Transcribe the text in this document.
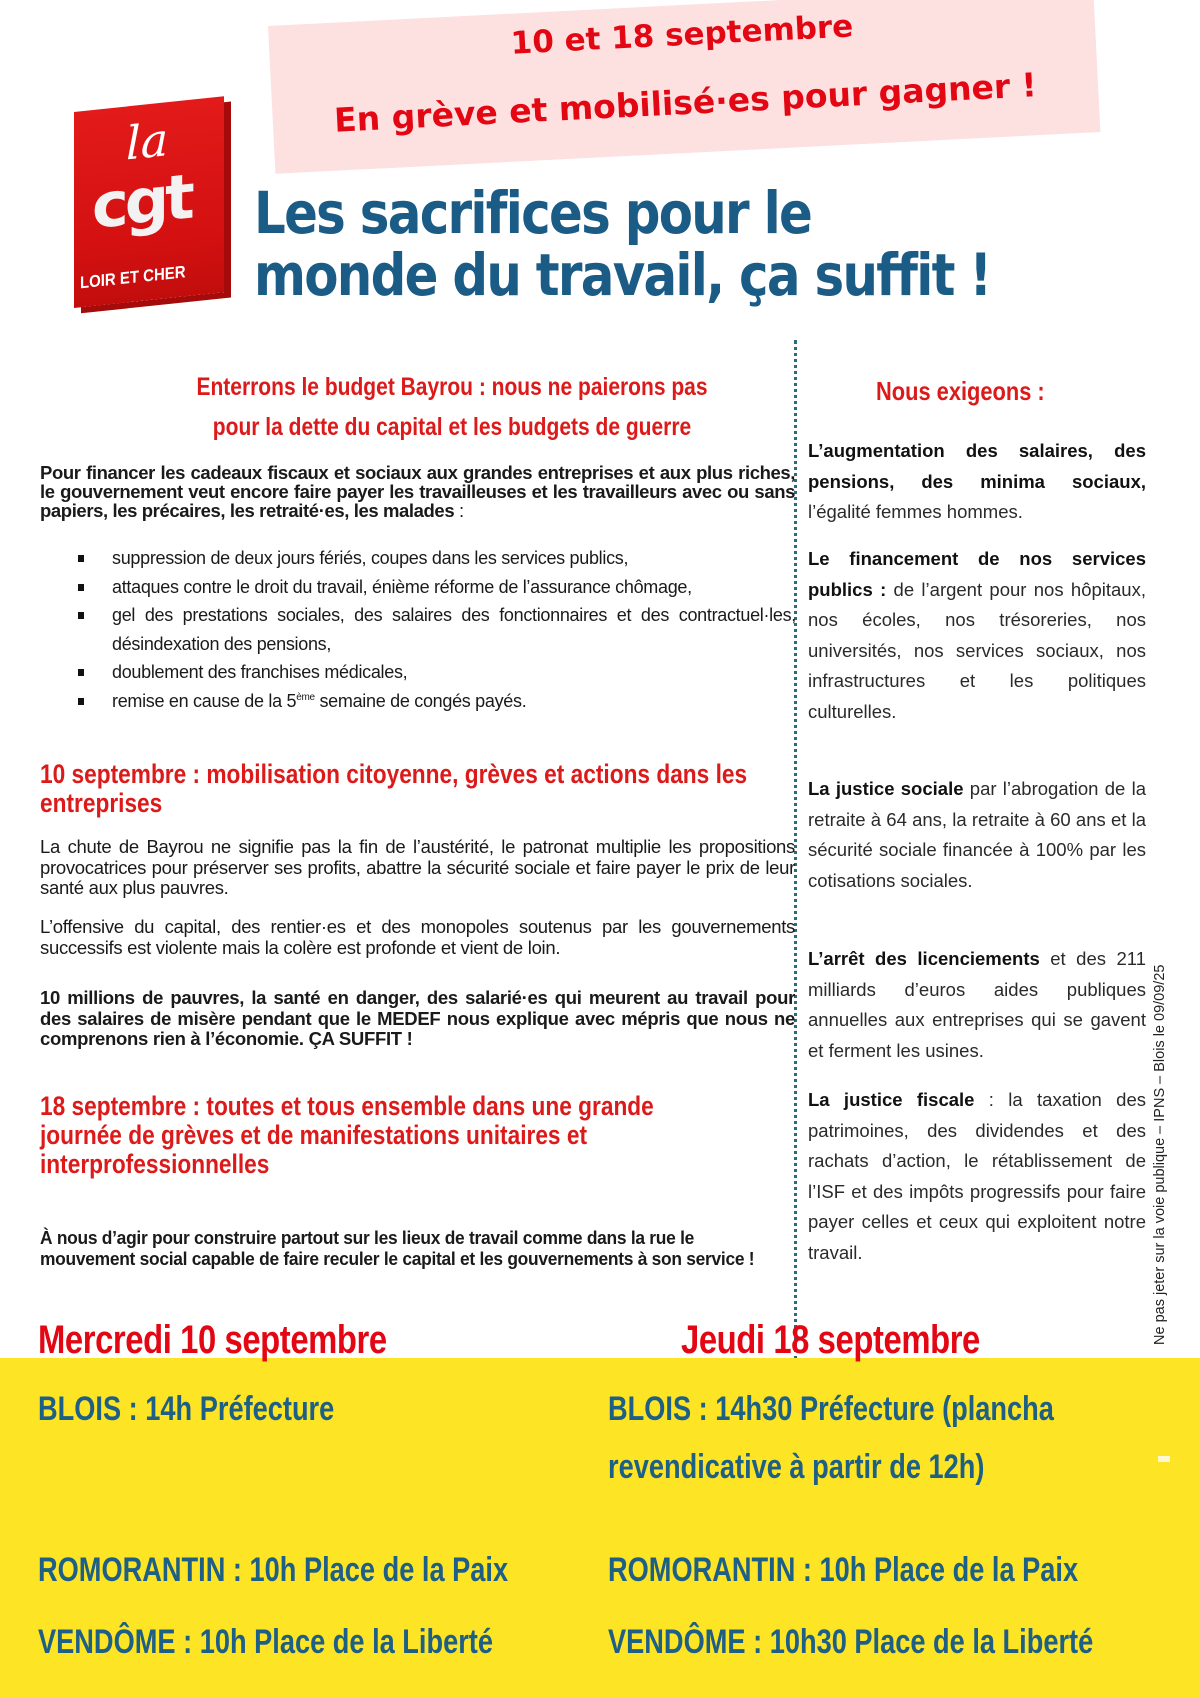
10 et 18 septembre
En grève et mobilisé·es pour gagner !
la
cgt
LOIR ET CHER
Les sacrifices pour le
monde du travail, ça suffit !
Enterrons le budget Bayrou : nous ne paierons pas
pour la dette du capital et les budgets de guerre

Pour financer les cadeaux fiscaux et sociaux aux grandes entreprises et aux plus riches, le gouvernement veut encore faire payer les travailleuses et les travailleurs avec ou sans papiers, les précaires, les retraité·es, les malades :

suppression de deux jours fériés, coupes dans les services publics,
attaques contre le droit du travail, énième réforme de l’assurance chômage,
gel des prestations sociales, des salaires des fonctionnaires et des contractuel·les, désindexation des pensions,
doublement des franchises médicales,
remise en cause de la 5ème semaine de congés payés.
10 septembre : mobilisation citoyenne, grèves et actions dans les entreprises

La chute de Bayrou ne signifie pas la fin de l’austérité, le patronat multiplie les propositions provocatrices pour préserver ses profits, abattre la sécurité sociale et faire payer le prix de leur santé aux plus pauvres.

L’offensive du capital, des rentier·es et des monopoles soutenus par les gouvernements successifs est violente mais la colère est profonde et vient de loin.

10 millions de pauvres, la santé en danger, des salarié·es qui meurent au travail pour des salaires de misère pendant que le MEDEF nous explique avec mépris que nous ne comprenons rien à l’économie. ÇA SUFFIT !

18 septembre : toutes et tous ensemble dans une grande journée de grèves et de manifestations unitaires et interprofessionnelles

À nous d’agir pour construire partout sur les lieux de travail comme dans la rue le mouvement social capable de faire reculer le capital et les gouvernements à son service !

Nous exigeons :

L’augmentation des salaires, des pensions, des minima sociaux, l’égalité femmes hommes.

Le financement de nos services publics : de l’argent pour nos hôpitaux, nos écoles, nos trésoreries, nos universités, nos services sociaux, nos infrastructures et les politiques culturelles.

La justice sociale par l’abrogation de la retraite à 64 ans, la retraite à 60 ans et la sécurité sociale financée à 100% par les cotisations sociales.

L’arrêt des licenciements et des 211 milliards d’euros aides publiques annuelles aux entreprises qui se gavent et ferment les usines.

La justice fiscale : la taxation des patrimoines, des dividendes et des rachats d’action, le rétablissement de l’ISF et des impôts progressifs pour faire payer celles et ceux qui exploitent notre travail.	Ne pas jeter sur la voie publique – IPNS – Blois le 09/09/25
BLOIS : 14h Préfecture
ROMORANTIN : 10h Place de la Paix
VENDÔME : 10h Place de la Liberté
BLOIS : 14h30 Préfecture (plancha
revendicative à partir de 12h)
ROMORANTIN : 10h Place de la Paix
VENDÔME : 10h30 Place de la Liberté
Mercredi 10 septembre	Jeudi 18 septembre
